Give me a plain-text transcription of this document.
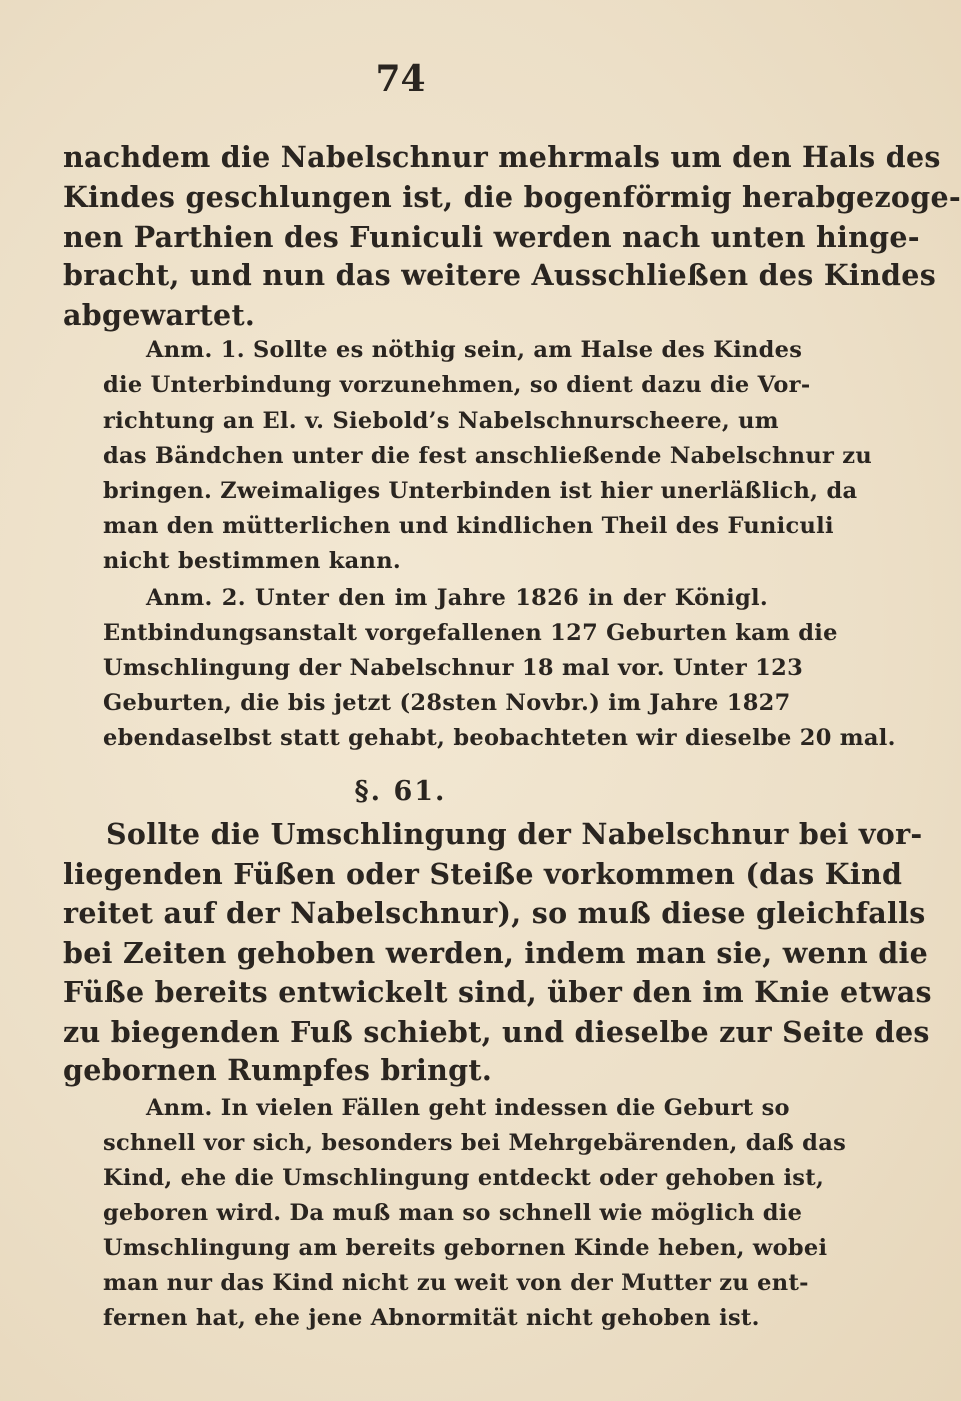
74
nachdem die Nabelschnur mehrmals um den Hals des
Kindes geschlungen ist, die bogenförmig herabgezoge-
nen Parthien des Funiculi werden nach unten hinge-
bracht, und nun das weitere Ausschließen des Kindes
abgewartet.
Anm. 1. Sollte es nöthig sein, am Halse des Kindes
die Unterbindung vorzunehmen, so dient dazu die Vor-
richtung an El. v. Siebold’s Nabelschnurscheere, um
das Bändchen unter die fest anschließende Nabelschnur zu
bringen. Zweimaliges Unterbinden ist hier unerläßlich, da
man den mütterlichen und kindlichen Theil des Funiculi
nicht bestimmen kann.
Anm. 2. Unter den im Jahre 1826 in der Königl.
Entbindungsanstalt vorgefallenen 127 Geburten kam die
Umschlingung der Nabelschnur 18 mal vor. Unter 123
Geburten, die bis jetzt (28sten Novbr.) im Jahre 1827
ebendaselbst statt gehabt, beobachteten wir dieselbe 20 mal.
§. 61.
Sollte die Umschlingung der Nabelschnur bei vor-
liegenden Füßen oder Steiße vorkommen (das Kind
reitet auf der Nabelschnur), so muß diese gleichfalls
bei Zeiten gehoben werden, indem man sie, wenn die
Füße bereits entwickelt sind, über den im Knie etwas
zu biegenden Fuß schiebt, und dieselbe zur Seite des
gebornen Rumpfes bringt.
Anm. In vielen Fällen geht indessen die Geburt so
schnell vor sich, besonders bei Mehrgebärenden, daß das
Kind, ehe die Umschlingung entdeckt oder gehoben ist,
geboren wird. Da muß man so schnell wie möglich die
Umschlingung am bereits gebornen Kinde heben, wobei
man nur das Kind nicht zu weit von der Mutter zu ent-
fernen hat, ehe jene Abnormität nicht gehoben ist.
